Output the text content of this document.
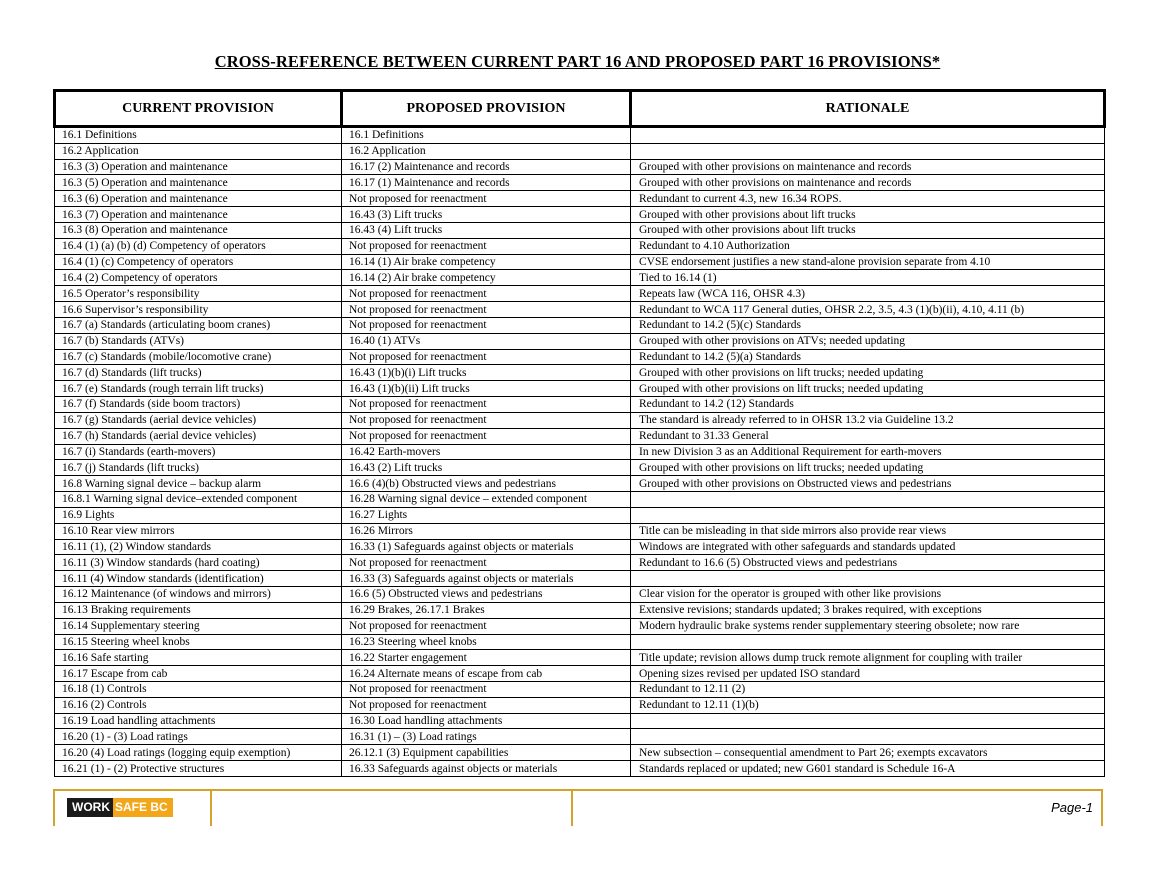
CROSS-REFERENCE BETWEEN CURRENT PART 16 AND PROPOSED PART 16 PROVISIONS*
CURRENT PROVISION	PROPOSED PROVISION	RATIONALE
16.1 Definitions	16.1 Definitions	
16.2 Application	16.2 Application	
16.3 (3) Operation and maintenance	16.17 (2) Maintenance and records	Grouped with other provisions on maintenance and records
16.3 (5) Operation and maintenance	16.17 (1) Maintenance and records	Grouped with other provisions on maintenance and records
16.3 (6) Operation and maintenance	Not proposed for reenactment	Redundant to current 4.3, new 16.34 ROPS.
16.3 (7) Operation and maintenance	16.43 (3) Lift trucks	Grouped with other provisions about lift trucks
16.3 (8) Operation and maintenance	16.43 (4) Lift trucks	Grouped with other provisions about lift trucks
16.4 (1) (a) (b) (d) Competency of operators	Not proposed for reenactment	Redundant to 4.10 Authorization
16.4 (1) (c) Competency of operators	16.14 (1) Air brake competency	CVSE endorsement justifies a new stand-alone provision separate from 4.10
16.4 (2) Competency of operators	16.14 (2) Air brake competency	Tied to 16.14 (1)
16.5 Operator’s responsibility	Not proposed for reenactment	Repeats law (WCA 116, OHSR 4.3)
16.6 Supervisor’s responsibility	Not proposed for reenactment	Redundant to WCA 117 General duties, OHSR 2.2, 3.5, 4.3 (1)(b)(ii), 4.10, 4.11 (b)
16.7 (a) Standards (articulating boom cranes)	Not proposed for reenactment	Redundant to 14.2 (5)(c) Standards
16.7 (b) Standards (ATVs)	16.40 (1) ATVs	Grouped with other provisions on ATVs; needed updating
16.7 (c) Standards (mobile/locomotive crane)	Not proposed for reenactment	Redundant to 14.2 (5)(a) Standards
16.7 (d) Standards (lift trucks)	16.43 (1)(b)(i) Lift trucks	Grouped with other provisions on lift trucks; needed updating
16.7 (e) Standards (rough terrain lift trucks)	16.43 (1)(b)(ii) Lift trucks	Grouped with other provisions on lift trucks; needed updating
16.7 (f) Standards (side boom tractors)	Not proposed for reenactment	Redundant to 14.2 (12) Standards
16.7 (g) Standards (aerial device vehicles)	Not proposed for reenactment	The standard is already referred to in OHSR 13.2 via Guideline 13.2
16.7 (h) Standards (aerial device vehicles)	Not proposed for reenactment	Redundant to 31.33 General
16.7 (i) Standards (earth-movers)	16.42 Earth-movers	In new Division 3 as an Additional Requirement for earth-movers
16.7 (j) Standards (lift trucks)	16.43 (2) Lift trucks	Grouped with other provisions on lift trucks; needed updating
16.8 Warning signal device – backup alarm	16.6 (4)(b) Obstructed views and pedestrians	Grouped with other provisions on Obstructed views and pedestrians
16.8.1 Warning signal device–extended component	16.28 Warning signal device – extended component	
16.9 Lights	16.27 Lights	
16.10 Rear view mirrors	16.26 Mirrors	Title can be misleading in that side mirrors also provide rear views
16.11 (1), (2) Window standards	16.33 (1) Safeguards against objects or materials	Windows are integrated with other safeguards and standards updated
16.11 (3) Window standards (hard coating)	Not proposed for reenactment	Redundant to 16.6 (5) Obstructed views and pedestrians
16.11 (4) Window standards (identification)	16.33 (3) Safeguards against objects or materials	
16.12 Maintenance (of windows and mirrors)	16.6 (5) Obstructed views and pedestrians	Clear vision for the operator is grouped with other like provisions
16.13 Braking requirements	16.29 Brakes, 26.17.1 Brakes	Extensive revisions; standards updated; 3 brakes required, with exceptions
16.14 Supplementary steering	Not proposed for reenactment	Modern hydraulic brake systems render supplementary steering obsolete; now rare
16.15 Steering wheel knobs	16.23 Steering wheel knobs	
16.16 Safe starting	16.22 Starter engagement	Title update; revision allows dump truck remote alignment for coupling with trailer
16.17 Escape from cab	16.24 Alternate means of escape from cab	Opening sizes revised per updated ISO standard
16.18 (1) Controls	Not proposed for reenactment	Redundant to 12.11 (2)
16.16 (2) Controls	Not proposed for reenactment	Redundant to 12.11 (1)(b)
16.19 Load handling attachments	16.30 Load handling attachments	
16.20 (1) - (3) Load ratings	16.31 (1) – (3) Load ratings	
16.20 (4) Load ratings (logging equip exemption)	26.12.1 (3) Equipment capabilities	New subsection – consequential amendment to Part 26; exempts excavators
16.21 (1) - (2) Protective structures	16.33 Safeguards against objects or materials	Standards replaced or updated; new G601 standard is Schedule 16-A
WORK SAFE BC	Page-1
